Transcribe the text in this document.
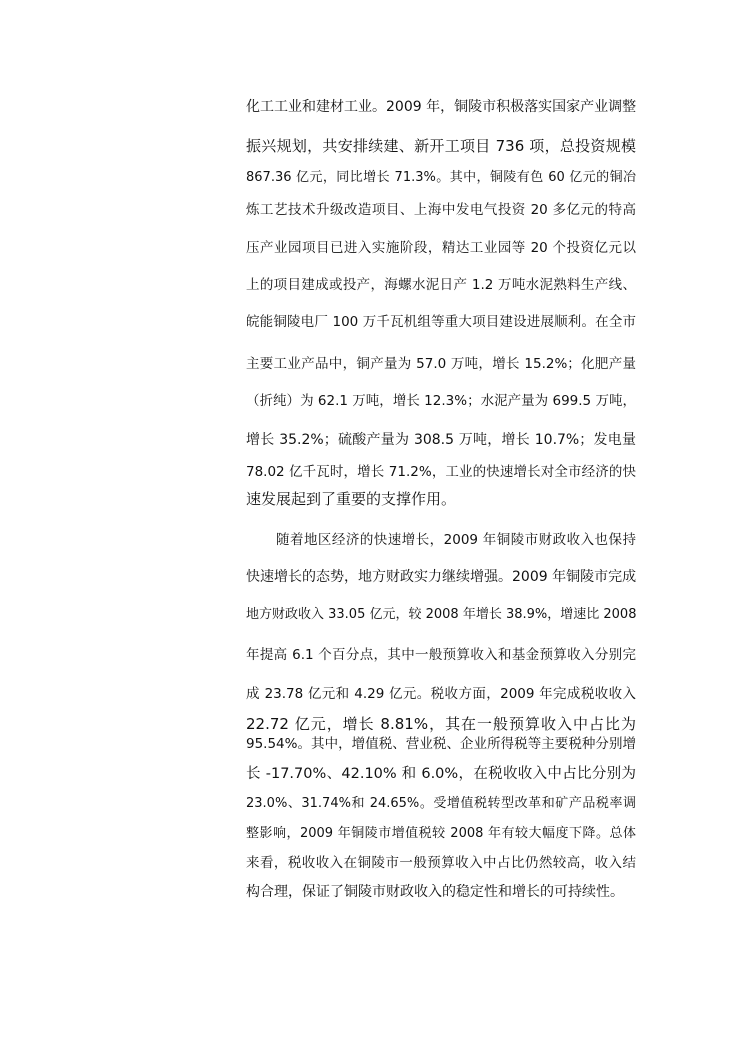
化工工业和建材工业。2009 年，铜陵市积极落实国家产业调整
振兴规划，共安排续建、新开工项目 736 项，总投资规模
867.36 亿元，同比增长 71.3%。其中，铜陵有色 60 亿元的铜冶
炼工艺技术升级改造项目、上海中发电气投资 20 多亿元的特高
压产业园项目已进入实施阶段，精达工业园等 20 个投资亿元以
上的项目建成或投产，海螺水泥日产 1.2 万吨水泥熟料生产线、
皖能铜陵电厂 100 万千瓦机组等重大项目建设进展顺利。在全市
主要工业产品中，铜产量为 57.0 万吨，增长 15.2%；化肥产量
（折纯）为 62.1 万吨，增长 12.3%；水泥产量为 699.5 万吨，
增长 35.2%；硫酸产量为 308.5 万吨，增长 10.7%；发电量
78.02 亿千瓦时，增长 71.2%，工业的快速增长对全市经济的快
速发展起到了重要的支撑作用。
随着地区经济的快速增长，2009 年铜陵市财政收入也保持
快速增长的态势，地方财政实力继续增强。2009 年铜陵市完成
地方财政收入 33.05 亿元，较 2008 年增长 38.9%，增速比 2008
年提高 6.1 个百分点，其中一般预算收入和基金预算收入分别完
成 23.78 亿元和 4.29 亿元。税收方面，2009 年完成税收收入
22.72 亿元，增长 8.81%，其在一般预算收入中占比为
95.54%。其中，增值税、营业税、企业所得税等主要税种分别增
长 -17.70%、42.10% 和 6.0%，在税收收入中占比分别为
23.0%、31.74%和 24.65%。受增值税转型改革和矿产品税率调
整影响，2009 年铜陵市增值税较 2008 年有较大幅度下降。总体
来看，税收收入在铜陵市一般预算收入中占比仍然较高，收入结
构合理，保证了铜陵市财政收入的稳定性和增长的可持续性。
